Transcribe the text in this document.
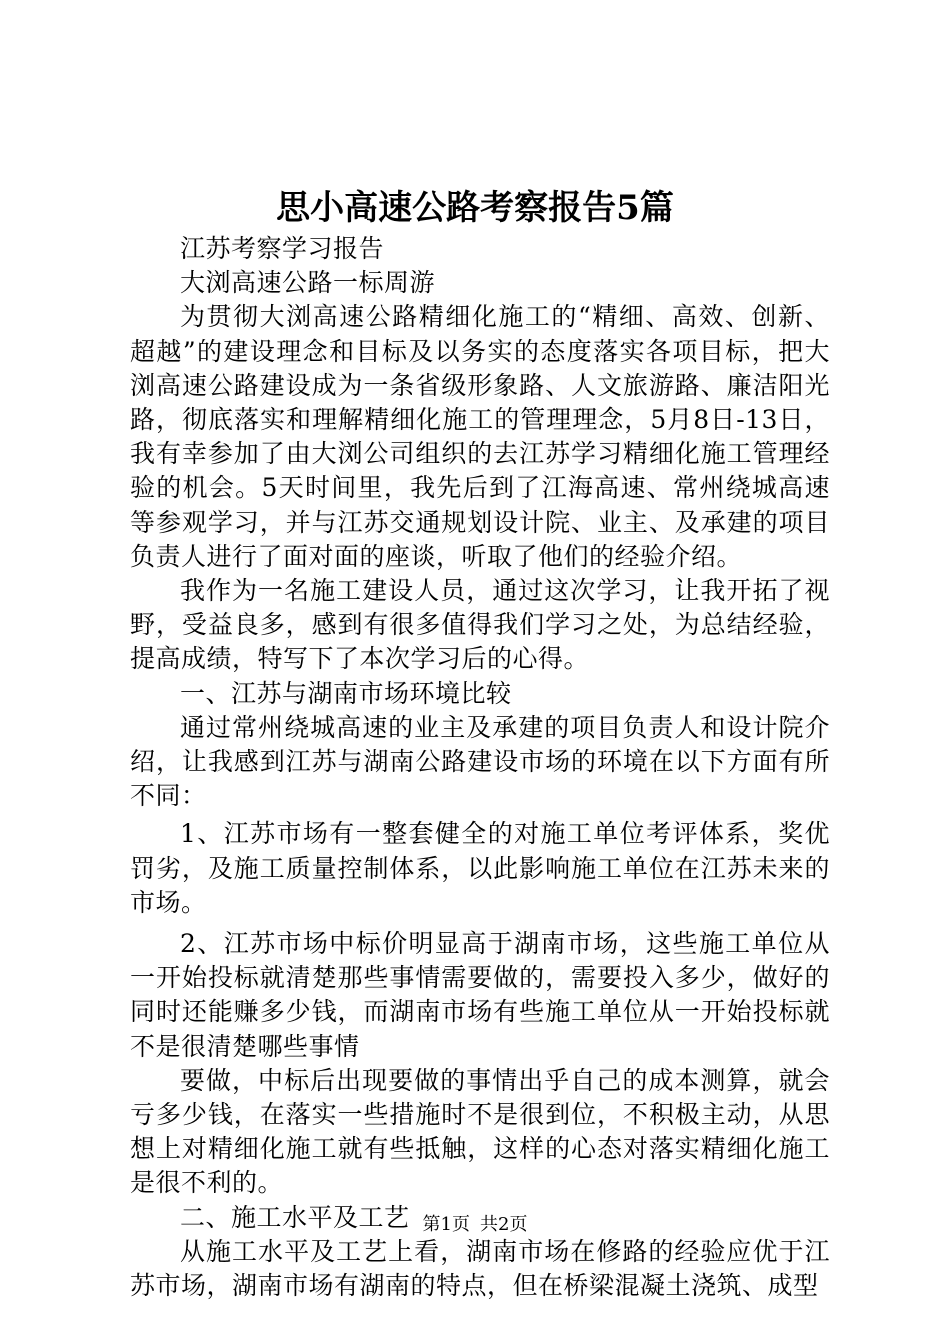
思小高速公路考察报告5篇

江苏考察学习报告

大浏高速公路一标周游

为贯彻大浏高速公路精细化施工的“精细、高效、创新、超越”的建设理念和目标及以务实的态度落实各项目标，把大浏高速公路建设成为一条省级形象路、人文旅游路、廉洁阳光路，彻底落实和理解精细化施工的管理理念，5月8日-13日，我有幸参加了由大浏公司组织的去江苏学习精细化施工管理经验的机会。5天时间里，我先后到了江海高速、常州绕城高速等参观学习，并与江苏交通规划设计院、业主、及承建的项目负责人进行了面对面的座谈，听取了他们的经验介绍。

我作为一名施工建设人员，通过这次学习，让我开拓了视野，受益良多，感到有很多值得我们学习之处，为总结经验，提高成绩，特写下了本次学习后的心得。

一、江苏与湖南市场环境比较

通过常州绕城高速的业主及承建的项目负责人和设计院介绍，让我感到江苏与湖南公路建设市场的环境在以下方面有所不同：

1、江苏市场有一整套健全的对施工单位考评体系，奖优罚劣，及施工质量控制体系，以此影响施工单位在江苏未来的市场。

2、江苏市场中标价明显高于湖南市场，这些施工单位从一开始投标就清楚那些事情需要做的，需要投入多少，做好的同时还能赚多少钱，而湖南市场有些施工单位从一开始投标就不是很清楚哪些事情

要做，中标后出现要做的事情出乎自己的成本测算，就会亏多少钱，在落实一些措施时不是很到位，不积极主动，从思想上对精细化施工就有些抵触，这样的心态对落实精细化施工是很不利的。

二、施工水平及工艺

从施工水平及工艺上看，湖南市场在修路的经验应优于江苏市场，湖南市场有湖南的特点，但在桥梁混凝土浇筑、成型

第1页 共2页
